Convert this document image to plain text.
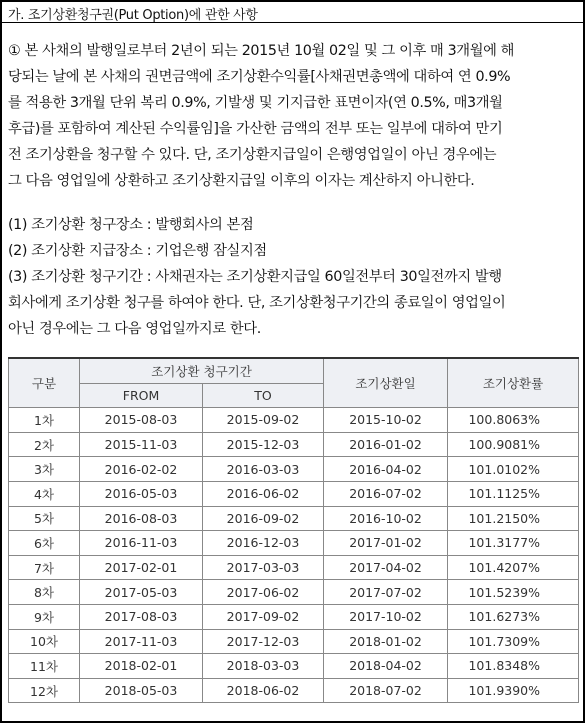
가. 조기상환청구권(Put Option)에 관한 사항
① 본 사채의 발행일로부터 2년이 되는 2015년 10월 02일 및 그 이후 매 3개월에 해
당되는 날에 본 사채의 권면금액에 조기상환수익률[사채권면총액에 대하여 연 0.9%
를 적용한 3개월 단위 복리 0.9%, 기발생 및 기지급한 표면이자(연 0.5%, 매3개월
후급)를 포함하여 계산된 수익률임]을 가산한 금액의 전부 또는 일부에 대하여 만기
전 조기상환을 청구할 수 있다. 단, 조기상환지급일이 은행영업일이 아닌 경우에는
그 다음 영업일에 상환하고 조기상환지급일 이후의 이자는 계산하지 아니한다.
(1) 조기상환 청구장소 : 발행회사의 본점
(2) 조기상환 지급장소 : 기업은행 잠실지점
(3) 조기상환 청구기간 : 사채권자는 조기상환지급일 60일전부터 30일전까지 발행
회사에게 조기상환 청구를 하여야 한다. 단, 조기상환청구기간의 종료일이 영업일이
아닌 경우에는 그 다음 영업일까지로 한다.
구분	조기상환 청구기간		조기상환일	조기상환률
	FROM	TO		
1차	2015-08-03	2015-09-02	2015-10-02	100.8063%
2차	2015-11-03	2015-12-03	2016-01-02	100.9081%
3차	2016-02-02	2016-03-03	2016-04-02	101.0102%
4차	2016-05-03	2016-06-02	2016-07-02	101.1125%
5차	2016-08-03	2016-09-02	2016-10-02	101.2150%
6차	2016-11-03	2016-12-03	2017-01-02	101.3177%
7차	2017-02-01	2017-03-03	2017-04-02	101.4207%
8차	2017-05-03	2017-06-02	2017-07-02	101.5239%
9차	2017-08-03	2017-09-02	2017-10-02	101.6273%
10차	2017-11-03	2017-12-03	2018-01-02	101.7309%
11차	2018-02-01	2018-03-03	2018-04-02	101.8348%
12차	2018-05-03	2018-06-02	2018-07-02	101.9390%
